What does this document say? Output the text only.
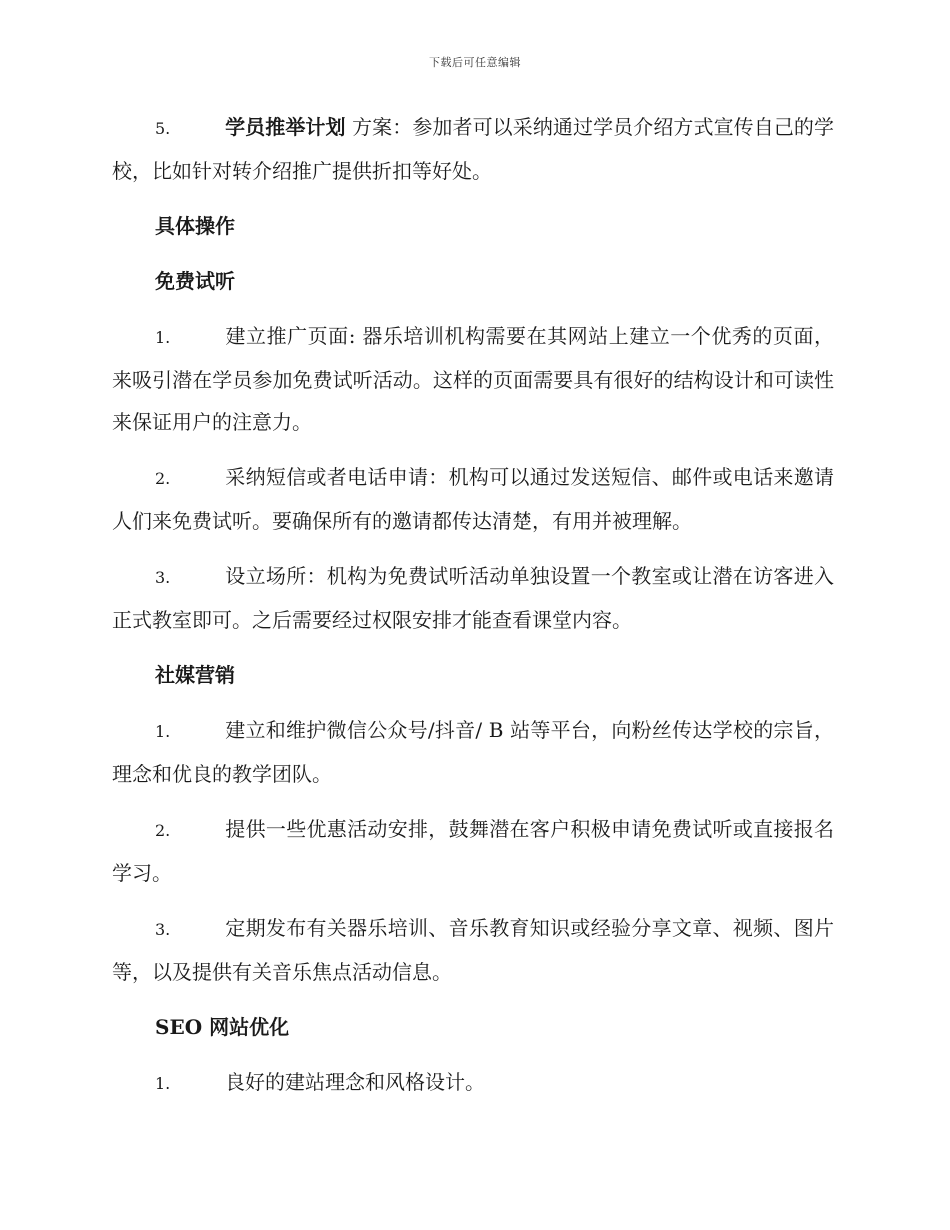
下载后可任意编辑

5.	学员推举计划 方案：参加者可以采纳通过学员介绍方式宣传自己的学校，比如针对转介绍推广提供折扣等好处。

具体操作
免费试听

1.	建立推广页面: 器乐培训机构需要在其网站上建立一个优秀的页面，来吸引潜在学员参加免费试听活动。这样的页面需要具有很好的结构设计和可读性来保证用户的注意力。

2.	采纳短信或者电话申请：机构可以通过发送短信、邮件或电话来邀请人们来免费试听。要确保所有的邀请都传达清楚，有用并被理解。

3.	设立场所：机构为免费试听活动单独设置一个教室或让潜在访客进入正式教室即可。之后需要经过权限安排才能查看课堂内容。

社媒营销

1.	建立和维护微信公众号/抖音/ B 站等平台，向粉丝传达学校的宗旨，理念和优良的教学团队。

2.	提供一些优惠活动安排，鼓舞潜在客户积极申请免费试听或直接报名学习。

3.	定期发布有关器乐培训、音乐教育知识或经验分享文章、视频、图片等，以及提供有关音乐焦点活动信息。

SEO 网站优化

1.	良好的建站理念和风格设计。
